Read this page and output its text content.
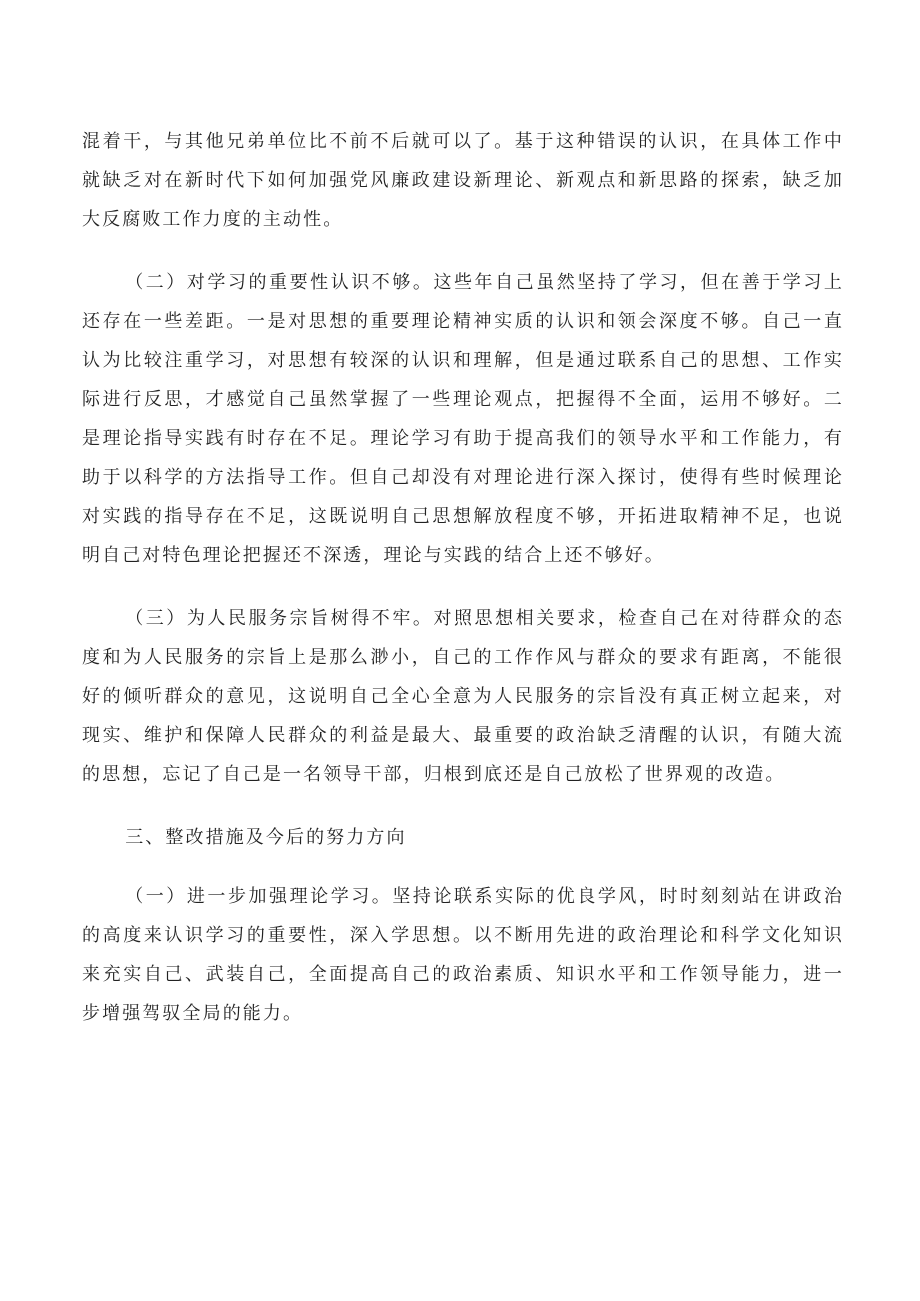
混着干，与其他兄弟单位比不前不后就可以了。基于这种错误的认识，在具体工作中就缺乏对在新时代下如何加强党风廉政建设新理论、新观点和新思路的探索，缺乏加大反腐败工作力度的主动性。

（二）对学习的重要性认识不够。这些年自己虽然坚持了学习，但在善于学习上还存在一些差距。一是对思想的重要理论精神实质的认识和领会深度不够。自己一直认为比较注重学习，对思想有较深的认识和理解，但是通过联系自己的思想、工作实际进行反思，才感觉自己虽然掌握了一些理论观点，把握得不全面，运用不够好。二是理论指导实践有时存在不足。理论学习有助于提高我们的领导水平和工作能力，有助于以科学的方法指导工作。但自己却没有对理论进行深入探讨，使得有些时候理论对实践的指导存在不足，这既说明自己思想解放程度不够，开拓进取精神不足，也说明自己对特色理论把握还不深透，理论与实践的结合上还不够好。

（三）为人民服务宗旨树得不牢。对照思想相关要求，检查自己在对待群众的态度和为人民服务的宗旨上是那么渺小，自己的工作作风与群众的要求有距离，不能很好的倾听群众的意见，这说明自己全心全意为人民服务的宗旨没有真正树立起来，对现实、维护和保障人民群众的利益是最大、最重要的政治缺乏清醒的认识，有随大流的思想，忘记了自己是一名领导干部，归根到底还是自己放松了世界观的改造。

三、整改措施及今后的努力方向

（一）进一步加强理论学习。坚持论联系实际的优良学风，时时刻刻站在讲政治的高度来认识学习的重要性，深入学思想。以不断用先进的政治理论和科学文化知识来充实自己、武装自己，全面提高自己的政治素质、知识水平和工作领导能力，进一步增强驾驭全局的能力。
